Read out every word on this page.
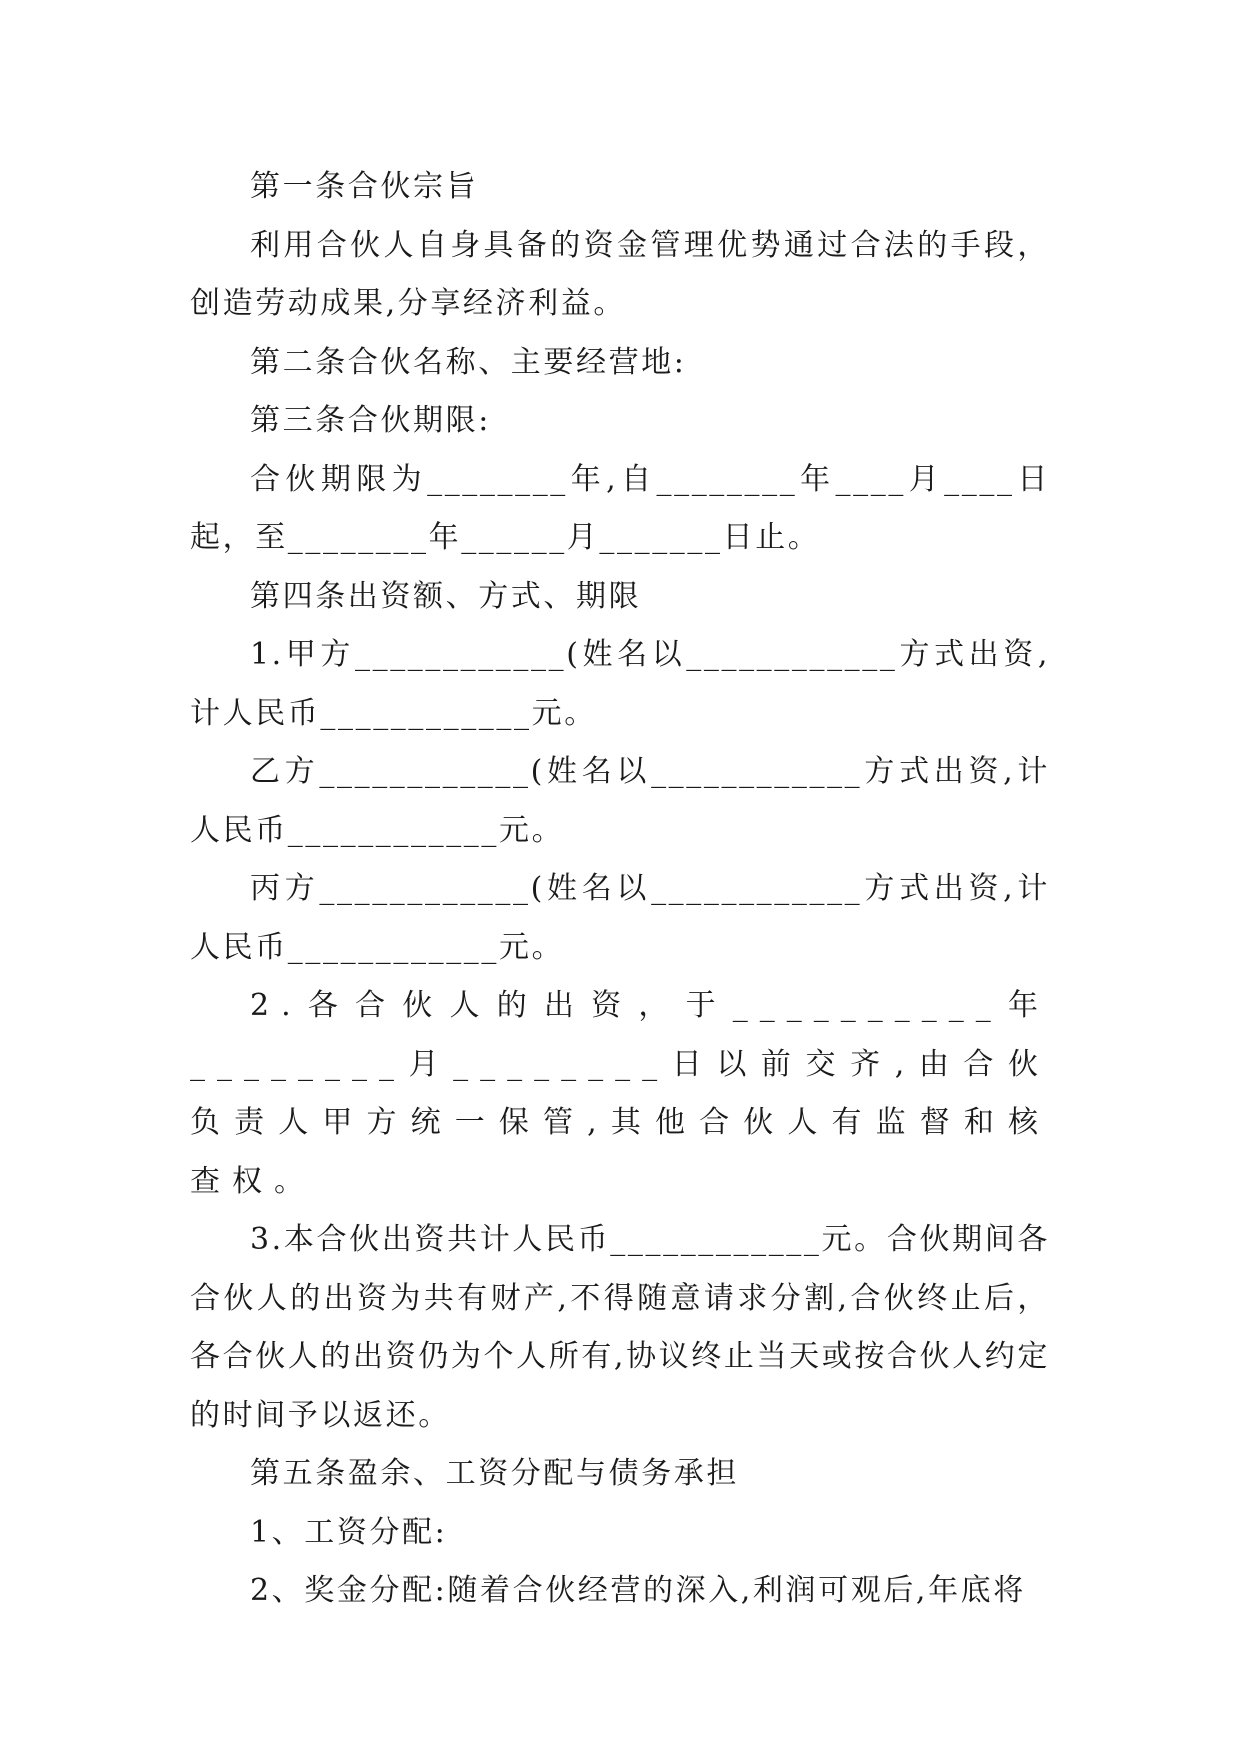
第一条合伙宗旨

利用合伙人自身具备的资金管理优势通过合法的手段，创造劳动成果,分享经济利益。

第二条合伙名称、主要经营地:

第三条合伙期限:

合伙期限为________年,自________年____月____日起，至________年______月_______日止。

第四条出资额、方式、期限

1.甲方____________(姓名以____________方式出资,计人民币____________元。

乙方____________(姓名以____________方式出资,计人民币____________元。

丙方____________(姓名以____________方式出资,计人民币____________元。

2.各合伙人的出资，于__________年________月________日以前交齐,由合伙负责人甲方统一保管,其他合伙人有监督和核查权。

3.本合伙出资共计人民币____________元。合伙期间各合伙人的出资为共有财产,不得随意请求分割,合伙终止后，各合伙人的出资仍为个人所有,协议终止当天或按合伙人约定的时间予以返还。

第五条盈余、工资分配与债务承担

1、工资分配:

2、奖金分配:随着合伙经营的深入,利润可观后,年底将
